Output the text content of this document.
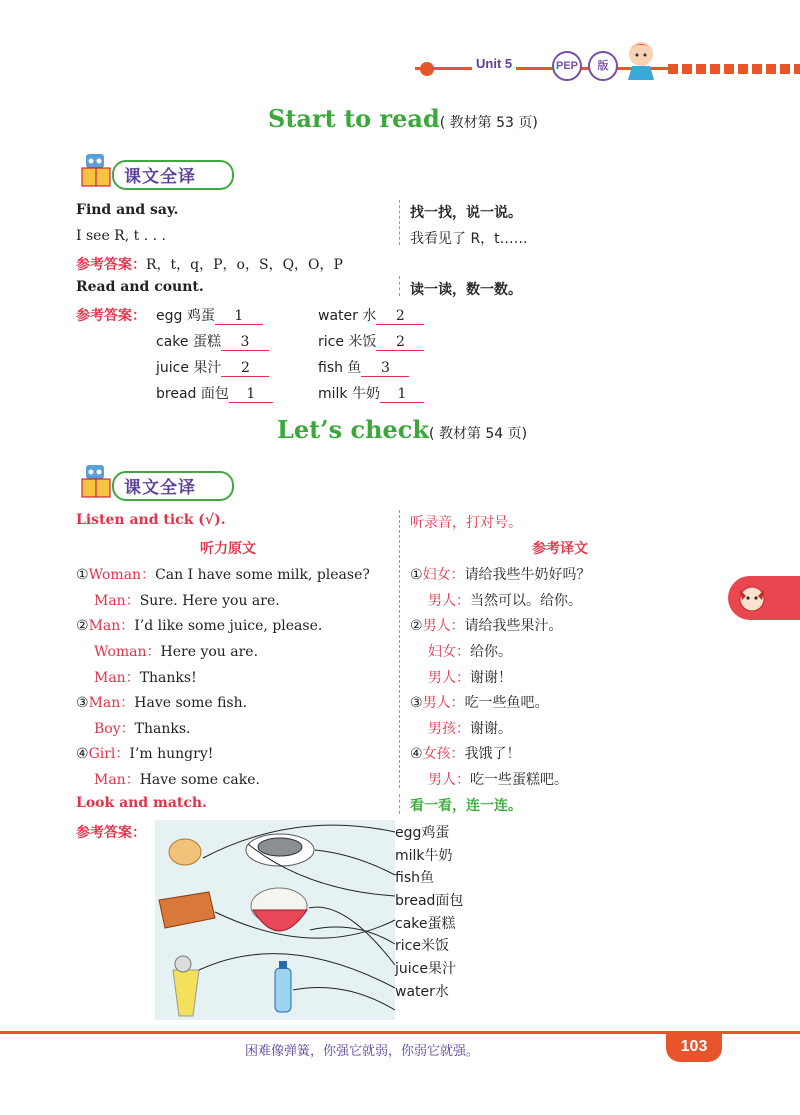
Unit 5	PEP	版
Start to read( 教材第 53 页)
课文全译
Find and say.	找一找，说一说。
I see R, t . . .	我看见了 R，t……
参考答案：R，t，q，P，o，S，Q，O，P
Read and count.	读一读，数一数。
参考答案： egg 鸡蛋 1	water 水 2
cake 蛋糕 3	rice 米饭 2
juice 果汁 2	fish 鱼 3
bread 面包 1	milk 牛奶 1
Let’s check( 教材第 54 页)
课文全译
Listen and tick (√).	听录音，打对号。
听力原文	参考译文
①Woman：Can I have some milk, please?
Man：Sure. Here you are.
②Man：I’d like some juice, please.
Woman：Here you are.
Man：Thanks!
③Man：Have some fish.
Boy：Thanks.
④Girl：I’m hungry!
Man：Have some cake.
①妇女：请给我些牛奶好吗？
男人：当然可以。给你。
②男人：请给我些果汁。
妇女：给你。
男人：谢谢！
③男人：吃一些鱼吧。
男孩：谢谢。
④女孩：我饿了！
男人：吃一些蛋糕吧。
Look and match.	看一看，连一连。
参考答案：	egg鸡蛋
milk牛奶
fish鱼
bread面包
cake蛋糕
rice米饭
juice果汁
water水
困难像弹簧，你强它就弱，你弱它就强。	103
